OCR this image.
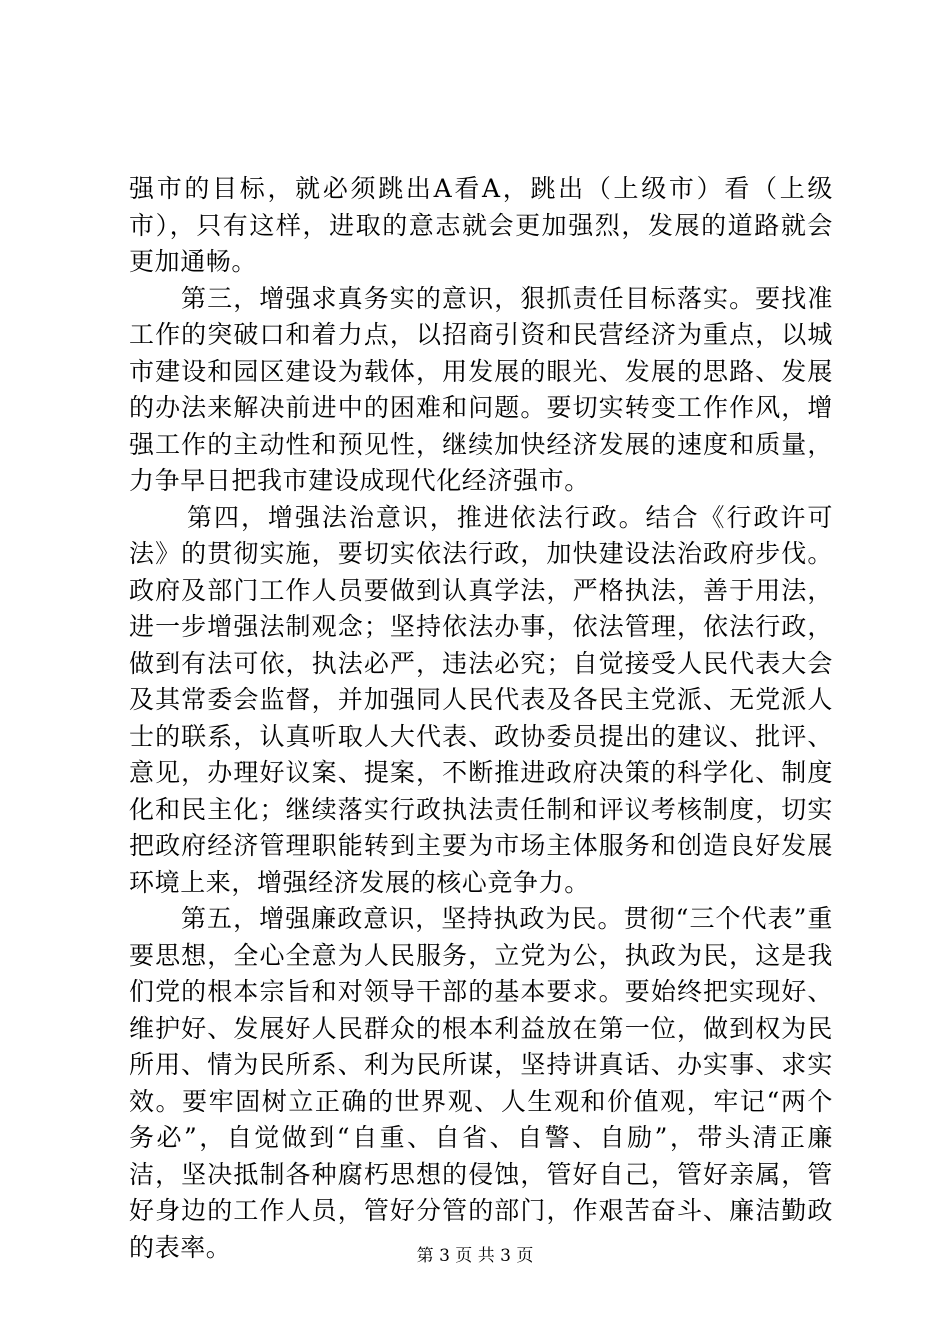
强市的目标，就必须跳出A看A，跳出（上级市）看（上级市），只有这样，进取的意志就会更加强烈，发展的道路就会更加通畅。

第三，增强求真务实的意识，狠抓责任目标落实。要找准工作的突破口和着力点，以招商引资和民营经济为重点，以城市建设和园区建设为载体，用发展的眼光、发展的思路、发展的办法来解决前进中的困难和问题。要切实转变工作作风，增强工作的主动性和预见性，继续加快经济发展的速度和质量，力争早日把我市建设成现代化经济强市。

第四，增强法治意识，推进依法行政。结合《行政许可法》的贯彻实施，要切实依法行政，加快建设法治政府步伐。政府及部门工作人员要做到认真学法，严格执法，善于用法，进一步增强法制观念；坚持依法办事，依法管理，依法行政，做到有法可依，执法必严，违法必究；自觉接受人民代表大会及其常委会监督，并加强同人民代表及各民主党派、无党派人士的联系，认真听取人大代表、政协委员提出的建议、批评、意见，办理好议案、提案，不断推进政府决策的科学化、制度化和民主化；继续落实行政执法责任制和评议考核制度，切实把政府经济管理职能转到主要为市场主体服务和创造良好发展环境上来，增强经济发展的核心竞争力。

第五，增强廉政意识，坚持执政为民。贯彻“三个代表”重要思想，全心全意为人民服务，立党为公，执政为民，这是我们党的根本宗旨和对领导干部的基本要求。要始终把实现好、维护好、发展好人民群众的根本利益放在第一位，做到权为民所用、情为民所系、利为民所谋，坚持讲真话、办实事、求实效。要牢固树立正确的世界观、人生观和价值观，牢记“两个务必”，自觉做到“自重、自省、自警、自励”，带头清正廉洁，坚决抵制各种腐朽思想的侵蚀，管好自己，管好亲属，管好身边的工作人员，管好分管的部门，作艰苦奋斗、廉洁勤政的表率。	第 3 页 共 3 页
